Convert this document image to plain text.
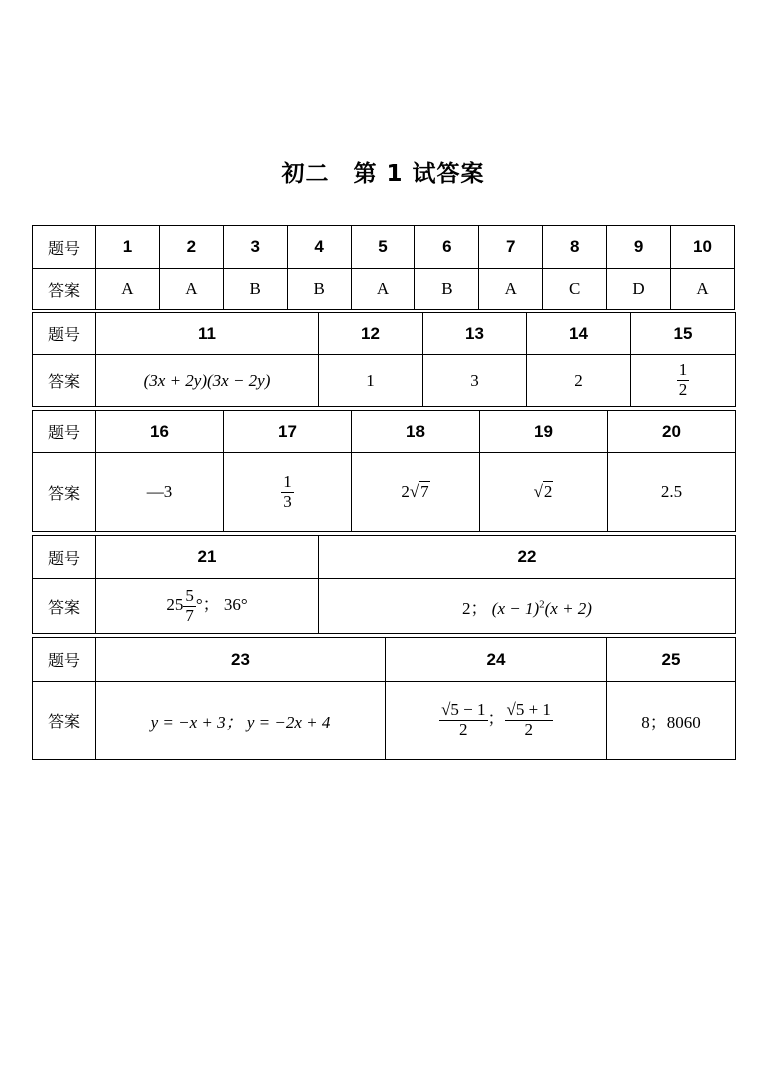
初二　第 1 试答案
题号	1	2	3	4	5	6	7	8	9	10
答案	A	A	B	B	A	B	A	C	D	A
题号	11	12	13	14	15
答案	(3x + 2y)(3x − 2y)	1	3	2	$\frac{1}{2}$
题号	16	17	18	19	20
答案	—3	$\frac{1}{3}$	2√7	√2	2.5
题号	21	22
答案	$25 \frac{5}{7}$ °； 36°	2； $(x - 1)^2(x + 2)$
题号	23	24	25
答案	y = −x + 3； y = −2x + 4	$\frac{√5 - 1}{2}$ ； $\frac{√5 + 1}{2}$	8；8060
